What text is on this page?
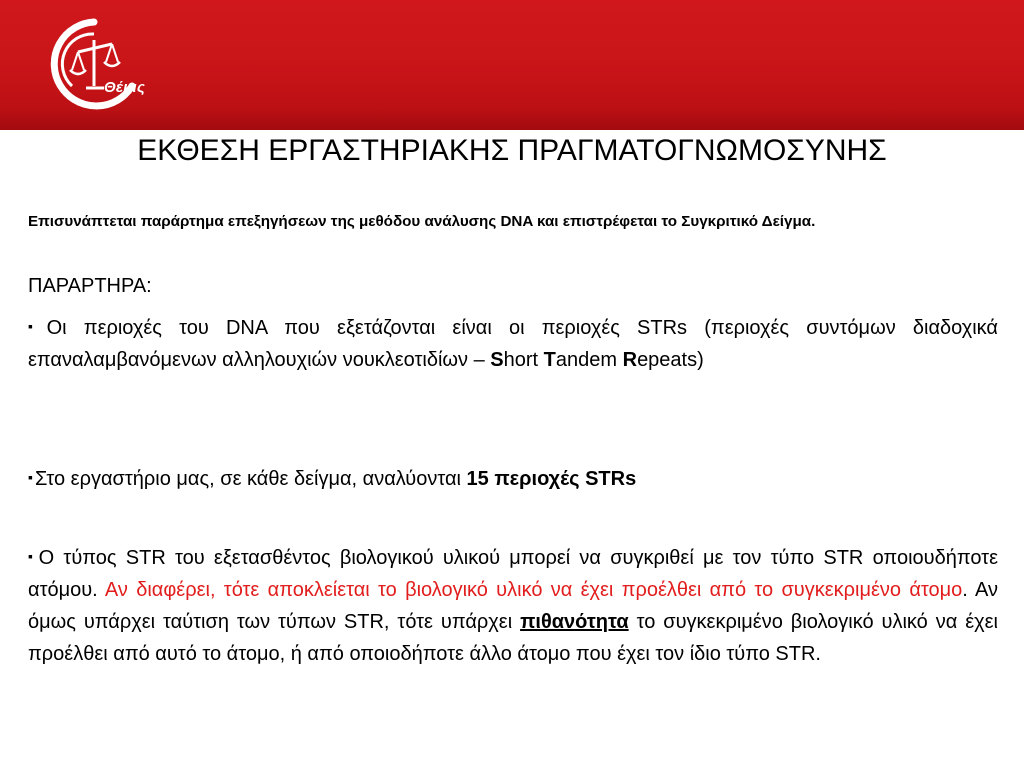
Θέμις
ΕΚΘΕΣΗ ΕΡΓΑΣΤΗΡΙΑΚΗΣ ΠΡΑΓΜΑΤΟΓΝΩΜΟΣΥΝΗΣ
Επισυνάπτεται παράρτημα επεξηγήσεων της μεθόδου ανάλυσης DNA και επιστρέφεται το Συγκριτικό Δείγμα.
ΠΑΡΑΡΤΗΡΑ:
▪ Οι περιοχές του DNA που εξετάζονται είναι οι περιοχές STRs (περιοχές συντόμων διαδοχικά επαναλαμβανόμενων αλληλουχιών νουκλεοτιδίων – Short Tandem Repeats)
▪ Στο εργαστήριο μας, σε κάθε δείγμα, αναλύονται 15 περιοχές STRs
▪ Ο τύπος STR του εξετασθέντος βιολογικού υλικού μπορεί να συγκριθεί με τον τύπο STR οποιουδήποτε ατόμου. Αν διαφέρει, τότε αποκλείεται το βιολογικό υλικό να έχει προέλθει από το συγκεκριμένο άτομο. Αν όμως υπάρχει ταύτιση των τύπων STR, τότε υπάρχει πιθανότητα το συγκεκριμένο βιολογικό υλικό να έχει προέλθει από αυτό το άτομο, ή από οποιοδήποτε άλλο άτομο που έχει τον ίδιο τύπο STR.
